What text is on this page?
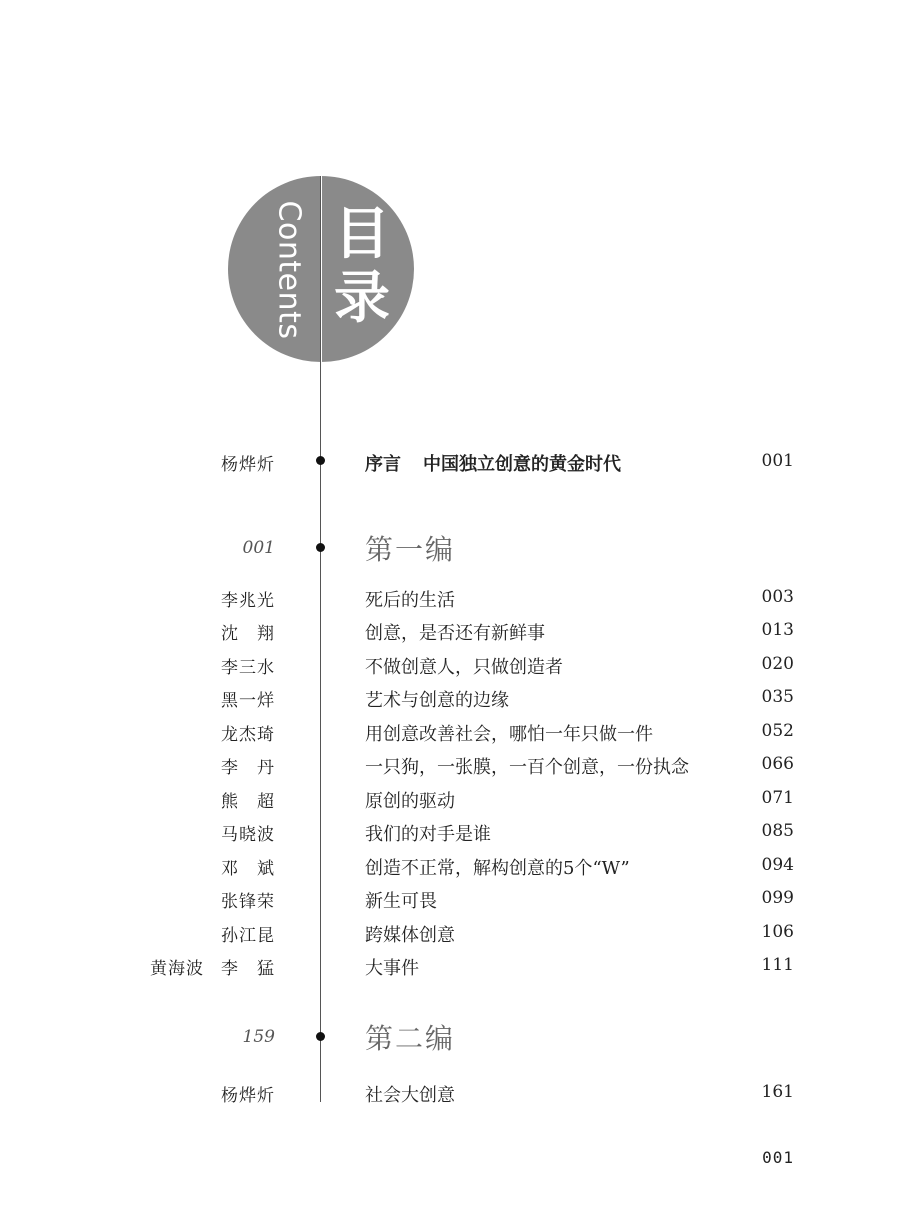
Contents 目
录
杨烨炘	序言 中国独立创意的黄金时代	001
001	第一编
李兆光	死后的生活	003
沈　翔	创意，是否还有新鲜事	013
李三水	不做创意人，只做创造者	020
黑一烊	艺术与创意的边缘	035
龙杰琦	用创意改善社会，哪怕一年只做一件	052
李　丹	一只狗，一张膜，一百个创意，一份执念	066
熊　超	原创的驱动	071
马晓波	我们的对手是谁	085
邓　斌	创造不正常，解构创意的5个“W”	094
张锋荣	新生可畏	099
孙江昆	跨媒体创意	106
黄海波 李　猛	大事件	111
159	第二编
杨烨炘	社会大创意	161
001
